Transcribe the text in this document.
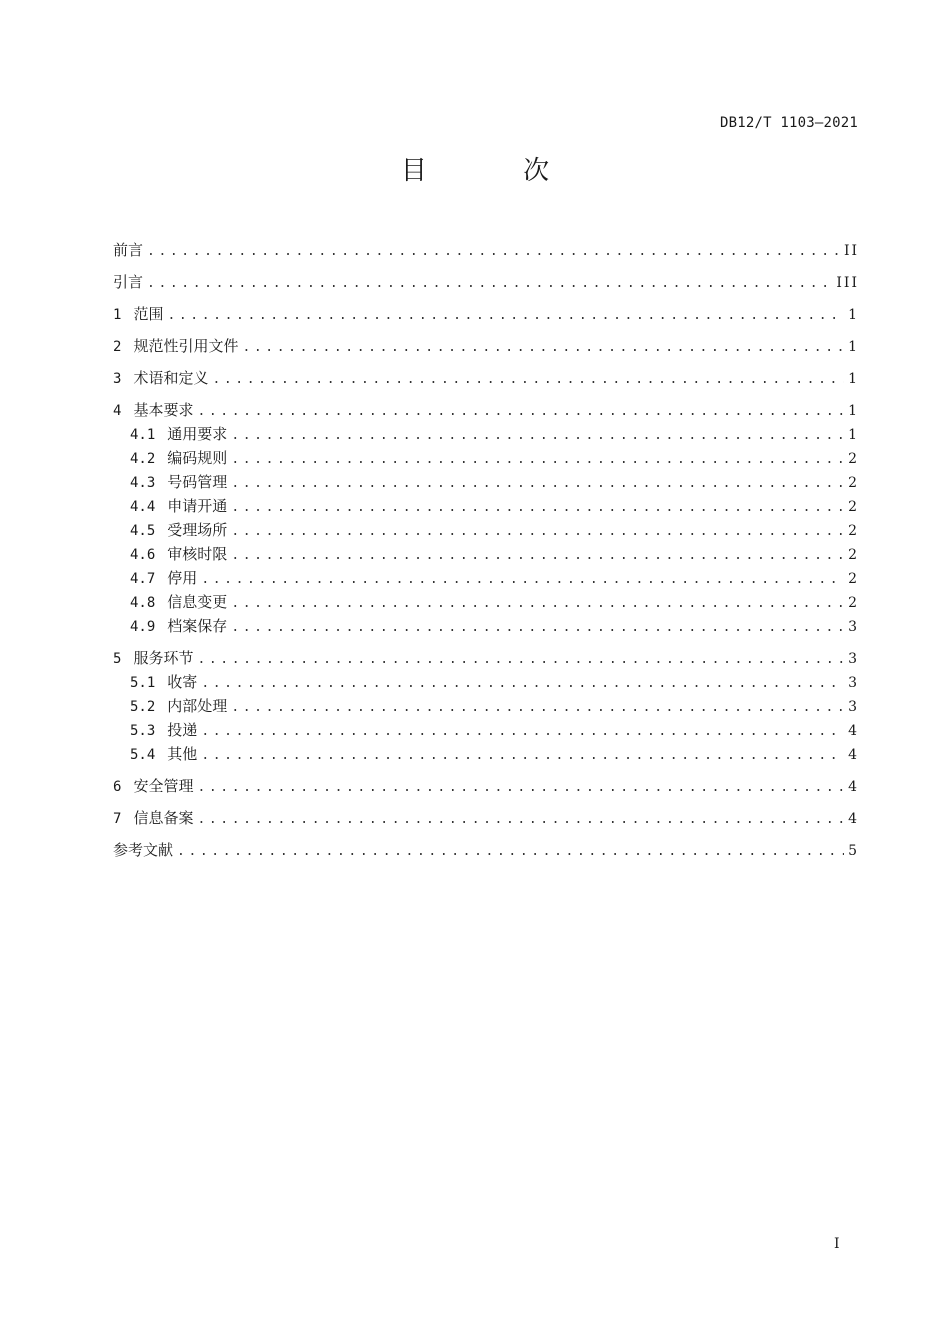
DB12/T 1103—2021
目 次
前言 .....	II
引言 .....	III
1 范围 .....	1
2 规范性引用文件 .....	1
3 术语和定义 .....	1
4 基本要求 .....	1
4.1 通用要求 .....	1
4.2 编码规则 .....	2
4.3 号码管理 .....	2
4.4 申请开通 .....	2
4.5 受理场所 .....	2
4.6 审核时限 .....	2
4.7 停用 .....	2
4.8 信息变更 .....	2
4.9 档案保存 .....	3
5 服务环节 .....	3
5.1 收寄 .....	3
5.2 内部处理 .....	3
5.3 投递 .....	4
5.4 其他 .....	4
6 安全管理 .....	4
7 信息备案 .....	4
参考文献 .....	5
I
